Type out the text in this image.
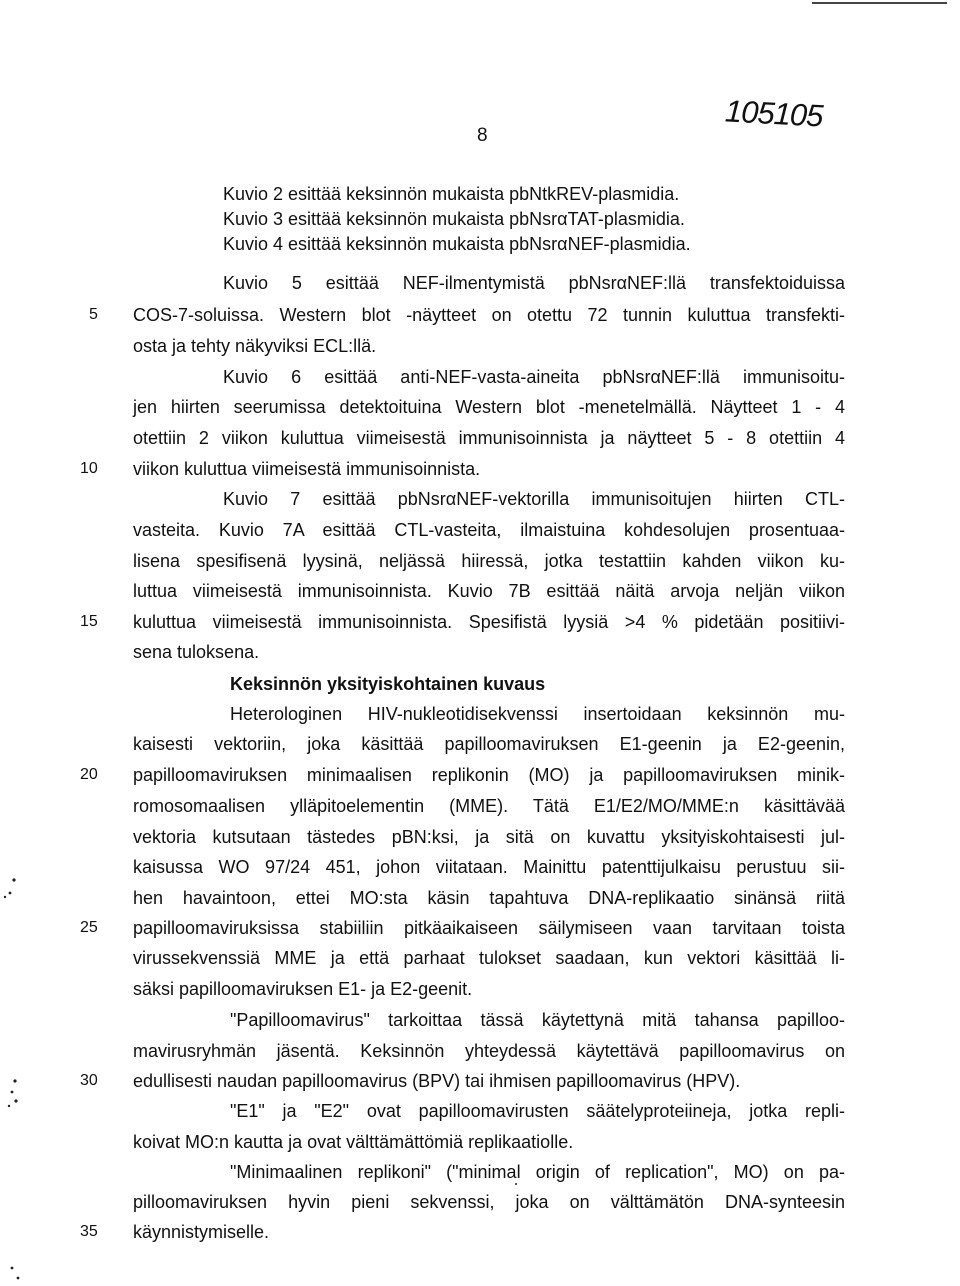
8
105105
Kuvio 2 esittää keksinnön mukaista pbNtkREV-plasmidia.
Kuvio 3 esittää keksinnön mukaista pbNsrαTAT-plasmidia.
Kuvio 4 esittää keksinnön mukaista pbNsrαNEF-plasmidia.
Kuvio 5 esittää NEF-ilmentymistä pbNsrαNEF:llä transfektoiduissa
COS-7-soluissa. Western blot -näytteet on otettu 72 tunnin kuluttua transfekti-
osta ja tehty näkyviksi ECL:llä.
Kuvio 6 esittää anti-NEF-vasta-aineita pbNsrαNEF:llä immunisoitu-
jen hiirten seerumissa detektoituina Western blot -menetelmällä. Näytteet 1 - 4
otettiin 2 viikon kuluttua viimeisestä immunisoinnista ja näytteet 5 - 8 otettiin 4
viikon kuluttua viimeisestä immunisoinnista.
Kuvio 7 esittää pbNsrαNEF-vektorilla immunisoitujen hiirten CTL-
vasteita. Kuvio 7A esittää CTL-vasteita, ilmaistuina kohdesolujen prosentuaa-
lisena spesifisenä lyysinä, neljässä hiiressä, jotka testattiin kahden viikon ku-
luttua viimeisestä immunisoinnista. Kuvio 7B esittää näitä arvoja neljän viikon
kuluttua viimeisestä immunisoinnista. Spesifistä lyysiä >4 % pidetään positiivi-
sena tuloksena.
Keksinnön yksityiskohtainen kuvaus
Heterologinen HIV-nukleotidisekvenssi insertoidaan keksinnön mu-
kaisesti vektoriin, joka käsittää papilloomaviruksen E1-geenin ja E2-geenin,
papilloomaviruksen minimaalisen replikonin (MO) ja papilloomaviruksen minik-
romosomaalisen ylläpitoelementin (MME). Tätä E1/E2/MO/MME:n käsittävää
vektoria kutsutaan tästedes pBN:ksi, ja sitä on kuvattu yksityiskohtaisesti jul-
kaisussa WO 97/24 451, johon viitataan. Mainittu patenttijulkaisu perustuu sii-
hen havaintoon, ettei MO:sta käsin tapahtuva DNA-replikaatio sinänsä riitä
papilloomaviruksissa stabiiliin pitkäaikaiseen säilymiseen vaan tarvitaan toista
virussekvenssiä MME ja että parhaat tulokset saadaan, kun vektori käsittää li-
säksi papilloomaviruksen E1- ja E2-geenit.
"Papilloomavirus" tarkoittaa tässä käytettynä mitä tahansa papilloo-
mavirusryhmän jäsentä. Keksinnön yhteydessä käytettävä papilloomavirus on
edullisesti naudan papilloomavirus (BPV) tai ihmisen papilloomavirus (HPV).
"E1" ja "E2" ovat papilloomavirusten säätelyproteiineja, jotka repli-
koivat MO:n kautta ja ovat välttämättömiä replikaatiolle.
"Minimaalinen replikoni" ("minimal origin of replication", MO) on pa-
pilloomaviruksen hyvin pieni sekvenssi, joka on välttämätön DNA-synteesin
käynnistymiselle.
5
10
15
20
25
30
35
